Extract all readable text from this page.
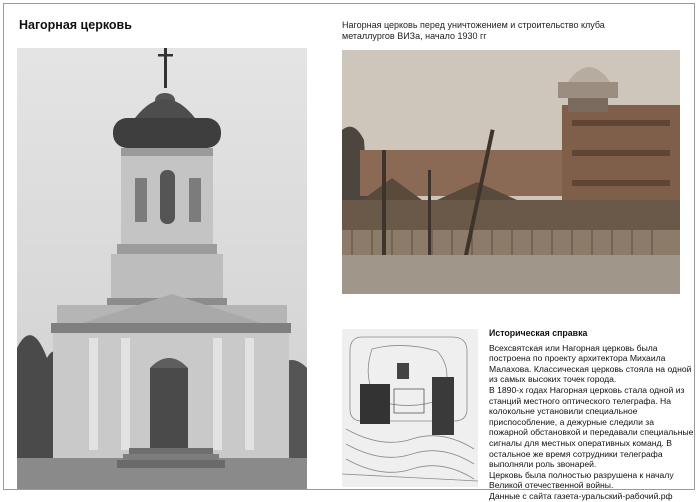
Нагорная церковь	Нагорная церковь перед уничтожением и строительство клуба металлургов ВИЗа, начало 1930 гг
Историческая справка

Всехсвятская или Нагорная церковь была построена по проекту архитектора Михаила Малахова. Классическая церковь стояла на одной из самых высоких точек города.

В 1890-х годах Нагорная церковь стала одной из станций местного оптического телеграфа. На колокольне установили специальное приспособление, а дежурные следили за пожарной обстановкой и передавали специальные сигналы для местных оперативных команд. В остальное же время сотрудники телеграфа выполняли роль звонарей.

Церковь была полностью разрушена к началу Великой отечественной войны.

Данные с сайта газета-уральский-рабочий.рф
